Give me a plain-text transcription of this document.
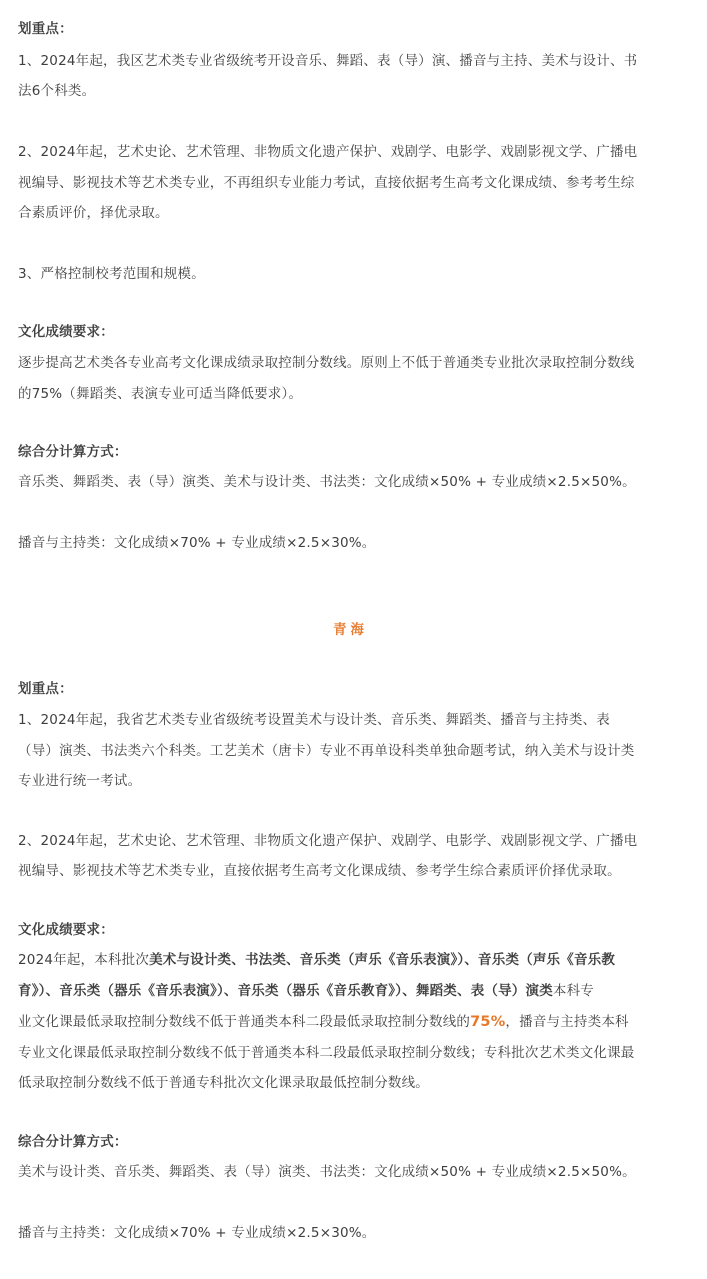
划重点：
1、2024年起，我区艺术类专业省级统考开设音乐、舞蹈、表（导）演、播音与主持、美术与设计、书
法6个科类。
2、2024年起，艺术史论、艺术管理、非物质文化遗产保护、戏剧学、电影学、戏剧影视文学、广播电
视编导、影视技术等艺术类专业，不再组织专业能力考试，直接依据考生高考文化课成绩、参考考生综
合素质评价，择优录取。
3、严格控制校考范围和规模。
文化成绩要求：
逐步提高艺术类各专业高考文化课成绩录取控制分数线。原则上不低于普通类专业批次录取控制分数线
的75%（舞蹈类、表演专业可适当降低要求）。
综合分计算方式：
音乐类、舞蹈类、表（导）演类、美术与设计类、书法类：文化成绩×50% + 专业成绩×2.5×50%。
播音与主持类：文化成绩×70% + 专业成绩×2.5×30%。
青海
划重点：
1、2024年起，我省艺术类专业省级统考设置美术与设计类、音乐类、舞蹈类、播音与主持类、表
（导）演类、书法类六个科类。工艺美术（唐卡）专业不再单设科类单独命题考试，纳入美术与设计类
专业进行统一考试。
2、2024年起，艺术史论、艺术管理、非物质文化遗产保护、戏剧学、电影学、戏剧影视文学、广播电
视编导、影视技术等艺术类专业，直接依据考生高考文化课成绩、参考学生综合素质评价择优录取。
文化成绩要求：
2024年起，本科批次美术与设计类、书法类、音乐类（声乐《音乐表演》）、音乐类（声乐《音乐教
育》）、音乐类（器乐《音乐表演》）、音乐类（器乐《音乐教育》）、舞蹈类、表（导）演类本科专
业文化课最低录取控制分数线不低于普通类本科二段最低录取控制分数线的75%，播音与主持类本科
专业文化课最低录取控制分数线不低于普通类本科二段最低录取控制分数线；专科批次艺术类文化课最
低录取控制分数线不低于普通专科批次文化课录取最低控制分数线。
综合分计算方式：
美术与设计类、音乐类、舞蹈类、表（导）演类、书法类：文化成绩×50% + 专业成绩×2.5×50%。
播音与主持类：文化成绩×70% + 专业成绩×2.5×30%。
